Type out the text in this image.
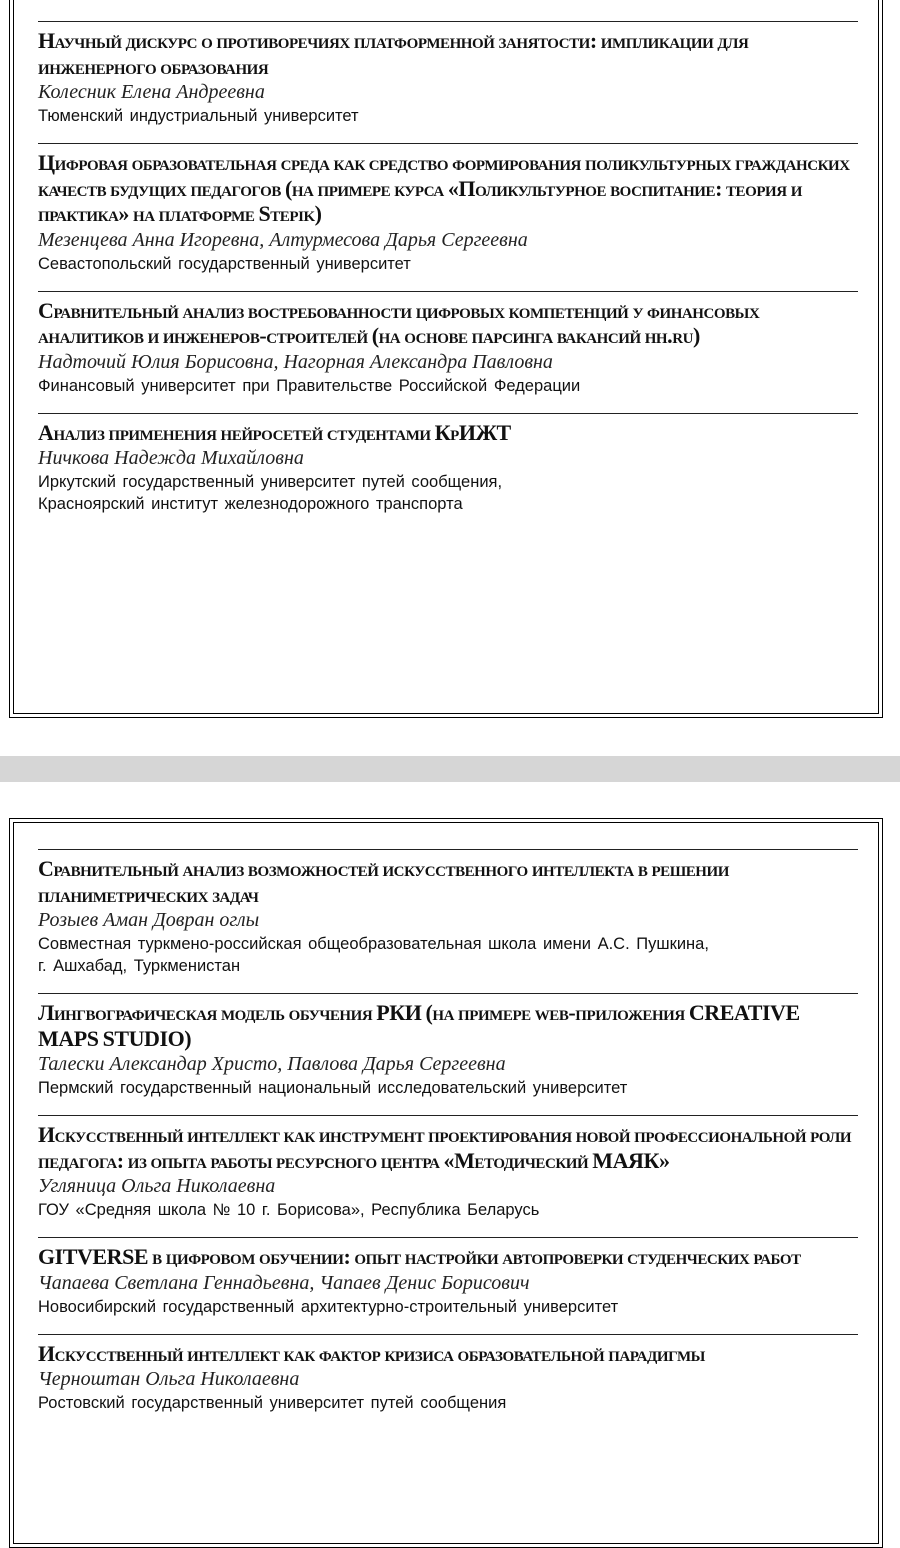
Научный дискурс о противоречиях платформенной занятости: импликации для инженерного образования
Колесник Елена Андреевна
Тюменский индустриальный университет
Цифровая образовательная среда как средство формирования поликультурных гражданских качеств будущих педагогов (на примере курса «Поликультурное воспитание: теория и практика» на платформе Stepik)
Мезенцева Анна Игоревна, Алтурмесова Дарья Сергеевна
Севастопольский государственный университет
Сравнительный анализ востребованности цифровых компетенций у финансовых аналитиков и инженеров-строителей (на основе парсинга вакансий hh.ru)
Надточий Юлия Борисовна, Нагорная Александра Павловна
Финансовый университет при Правительстве Российской Федерации
Анализ применения нейросетей студентами КрИЖТ
Ничкова Надежда Михайловна
Иркутский государственный университет путей сообщения,
Красноярский институт железнодорожного транспорта
Сравнительный анализ возможностей искусственного интеллекта в решении планиметрических задач
Розыев Аман Довран оглы
Совместная туркмено-российская общеобразовательная школа имени А.С. Пушкина,
г. Ашхабад, Туркменистан
Лингвографическая модель обучения РКИ (на примере web-приложения CREATIVE MAPS STUDIO)
Талески Александар Христо, Павлова Дарья Сергеевна
Пермский государственный национальный исследовательский университет
Искусственный интеллект как инструмент проектирования новой профессиональной роли педагога: из опыта работы ресурсного центра «Методический МАЯК»
Угляница Ольга Николаевна
ГОУ «Средняя школа № 10 г. Борисова», Республика Беларусь
GITVERSE в цифровом обучении: опыт настройки автопроверки студенческих работ
Чапаева Светлана Геннадьевна, Чапаев Денис Борисович
Новосибирский государственный архитектурно-строительный университет
Искусственный интеллект как фактор кризиса образовательной парадигмы
Черноштан Ольга Николаевна
Ростовский государственный университет путей сообщения
